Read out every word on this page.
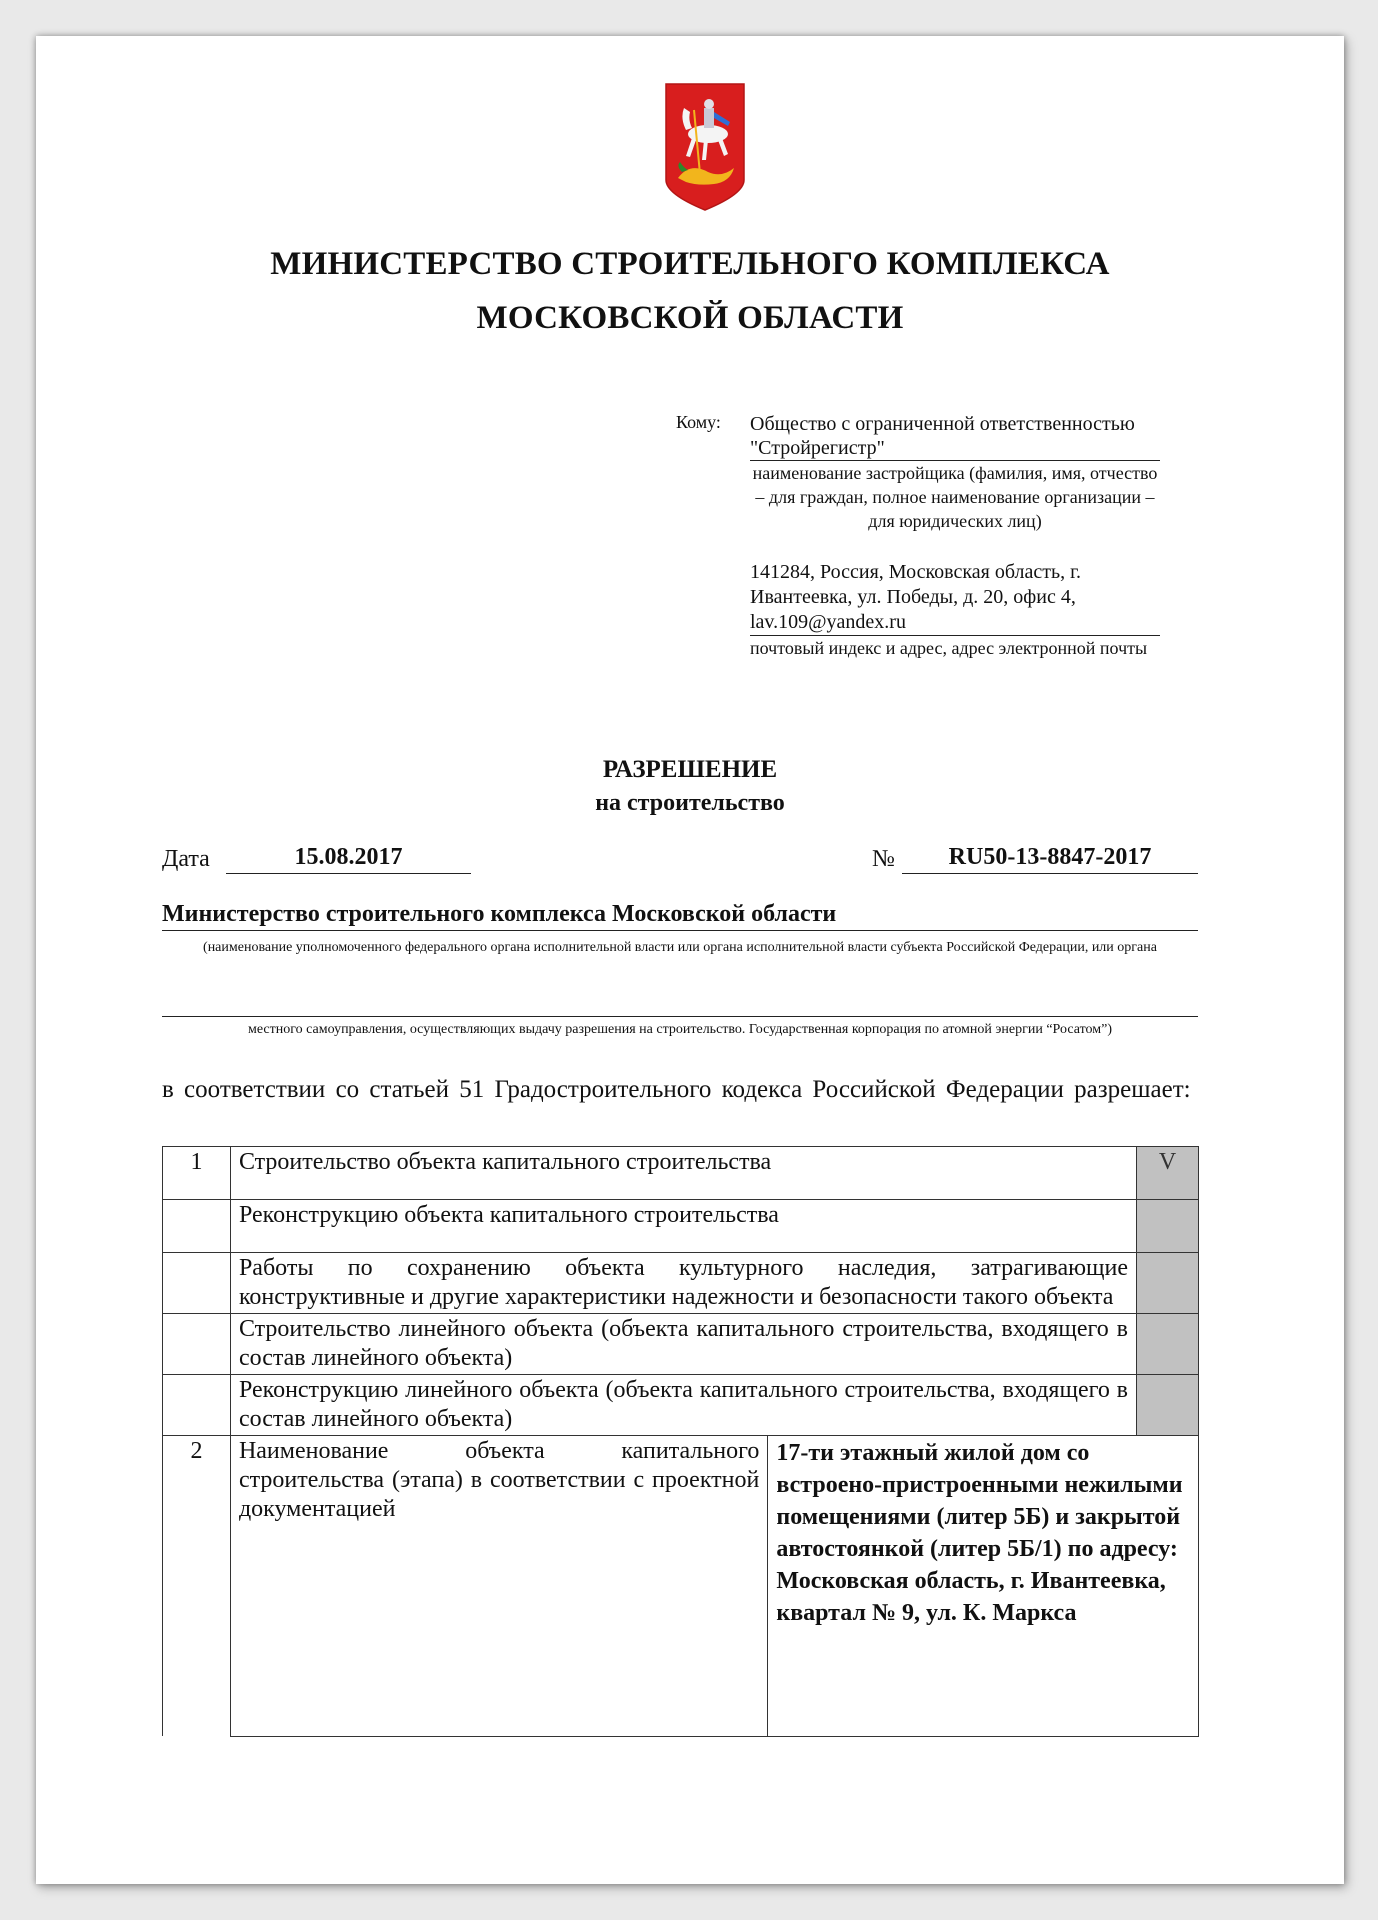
МИНИСТЕРСТВО СТРОИТЕЛЬНОГО КОМПЛЕКСА
МОСКОВСКОЙ ОБЛАСТИ
Кому: Общество с ограниченной ответственностью "Стройрегистр"
наименование застройщика (фамилия, имя, отчество – для граждан, полное наименование организации – для юридических лиц)
141284, Россия, Московская область, г. Ивантеевка, ул. Победы, д. 20, офис 4, lav.109@yandex.ru
почтовый индекс и адрес, адрес электронной почты
РАЗРЕШЕНИЕ
на строительство
Дата	15.08.2017	№	RU50-13-8847-2017
Министерство строительного комплекса Московской области
(наименование уполномоченного федерального органа исполнительной власти или органа исполнительной власти субъекта Российской Федерации, или органа
местного самоуправления, осуществляющих выдачу разрешения на строительство. Государственная корпорация по атомной энергии “Росатом”)
в соответствии со статьей 51 Градостроительного кодекса Российской Федерации разрешает:
1	Строительство объекта капитального строительства		V
	Реконструкцию объекта капитального строительства		
	Работы по сохранению объекта культурного наследия, затрагивающие конструктивные и другие характеристики надежности и безопасности такого объекта		
	Строительство линейного объекта (объекта капитального строительства, входящего в состав линейного объекта)		
	Реконструкцию линейного объекта (объекта капитального строительства, входящего в состав линейного объекта)		
2	Наименование объекта капитального строительства (этапа) в соответствии с проектной документацией	17-ти этажный жилой дом со встроено-пристроенными нежилыми помещениями (литер 5Б) и закрытой автостоянкой (литер 5Б/1) по адресу: Московская область, г. Ивантеевка, квартал № 9, ул. К. Маркса	
